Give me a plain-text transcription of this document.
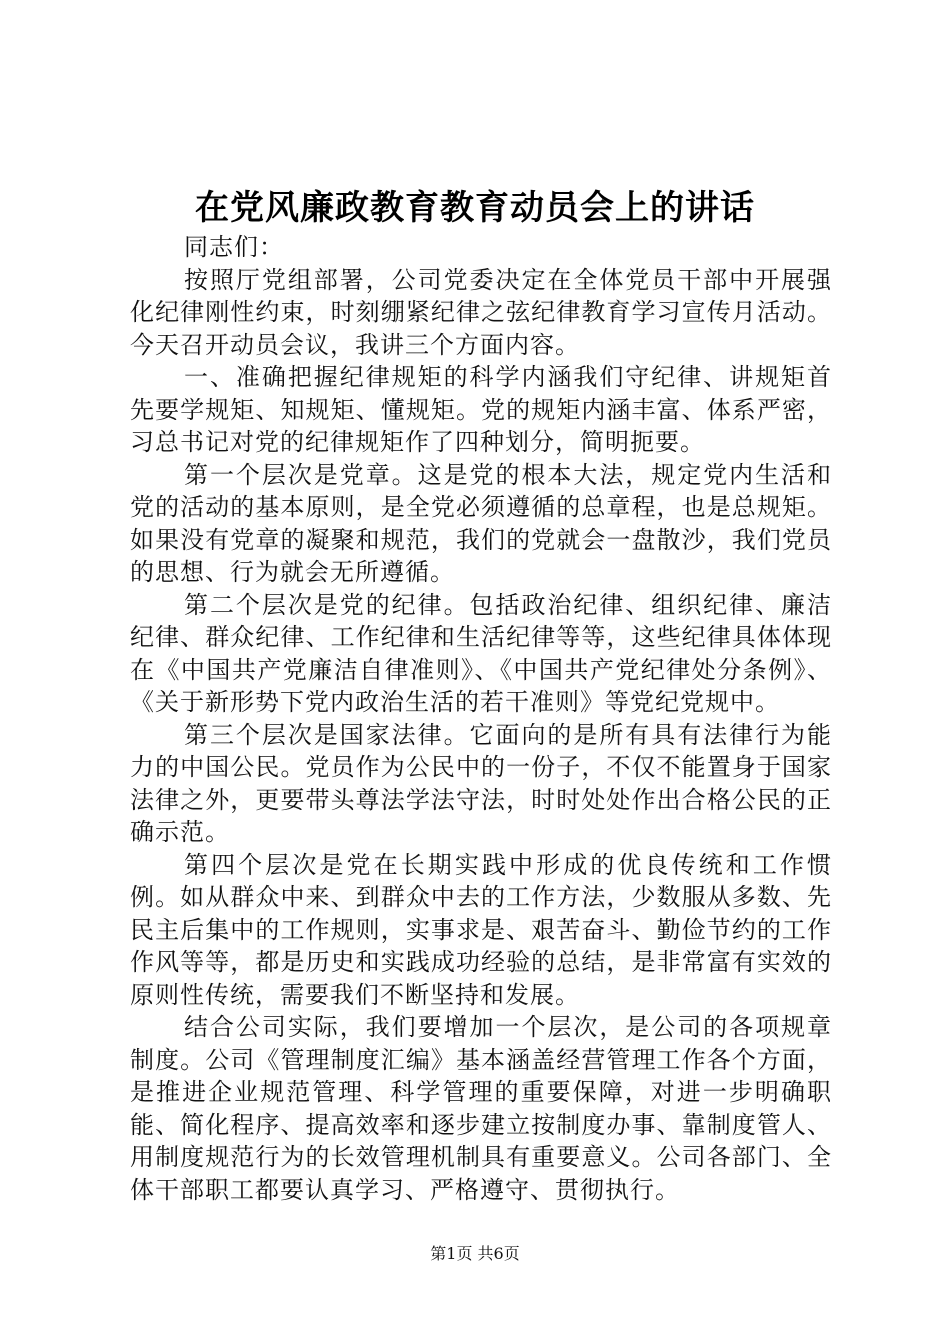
在党风廉政教育教育动员会上的讲话

同志们：

按照厅党组部署，公司党委决定在全体党员干部中开展强化纪律刚性约束，时刻绷紧纪律之弦纪律教育学习宣传月活动。今天召开动员会议，我讲三个方面内容。

一、准确把握纪律规矩的科学内涵我们守纪律、讲规矩首先要学规矩、知规矩、懂规矩。党的规矩内涵丰富、体系严密，习总书记对党的纪律规矩作了四种划分，简明扼要。

第一个层次是党章。这是党的根本大法，规定党内生活和党的活动的基本原则，是全党必须遵循的总章程，也是总规矩。如果没有党章的凝聚和规范，我们的党就会一盘散沙，我们党员的思想、行为就会无所遵循。

第二个层次是党的纪律。包括政治纪律、组织纪律、廉洁纪律、群众纪律、工作纪律和生活纪律等等，这些纪律具体体现在《中国共产党廉洁自律准则》、《中国共产党纪律处分条例》、《关于新形势下党内政治生活的若干准则》等党纪党规中。

第三个层次是国家法律。它面向的是所有具有法律行为能力的中国公民。党员作为公民中的一份子，不仅不能置身于国家法律之外，更要带头尊法学法守法，时时处处作出合格公民的正确示范。

第四个层次是党在长期实践中形成的优良传统和工作惯例。如从群众中来、到群众中去的工作方法，少数服从多数、先民主后集中的工作规则，实事求是、艰苦奋斗、勤俭节约的工作作风等等，都是历史和实践成功经验的总结，是非常富有实效的原则性传统，需要我们不断坚持和发展。

结合公司实际，我们要增加一个层次，是公司的各项规章制度。公司《管理制度汇编》基本涵盖经营管理工作各个方面，是推进企业规范管理、科学管理的重要保障，对进一步明确职能、简化程序、提高效率和逐步建立按制度办事、靠制度管人、用制度规范行为的长效管理机制具有重要意义。公司各部门、全体干部职工都要认真学习、严格遵守、贯彻执行。

第1页 共6页
